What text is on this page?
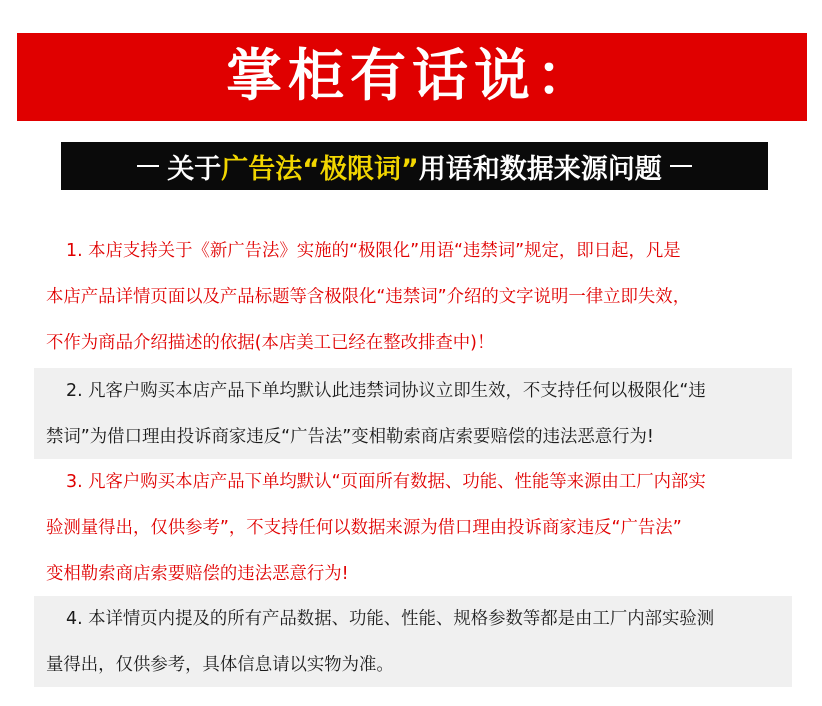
掌柜有话说：
关于 广告法“极限词” 用语和数据来源问题
1. 本店支持关于《新广告法》实施的“极限化”用语“违禁词”规定，即日起，凡是
本店产品详情页面以及产品标题等含极限化“违禁词”介绍的文字说明一律立即失效，
不作为商品介绍描述的依据(本店美工已经在整改排查中)！
2. 凡客户购买本店产品下单均默认此违禁词协议立即生效，不支持任何以极限化“违
禁词”为借口理由投诉商家违反“广告法”变相勒索商店索要赔偿的违法恶意行为!
3. 凡客户购买本店产品下单均默认“页面所有数据、功能、性能等来源由工厂内部实
验测量得出，仅供参考”，不支持任何以数据来源为借口理由投诉商家违反“广告法”
变相勒索商店索要赔偿的违法恶意行为!
4. 本详情页内提及的所有产品数据、功能、性能、规格参数等都是由工厂内部实验测
量得出，仅供参考，具体信息请以实物为准。
